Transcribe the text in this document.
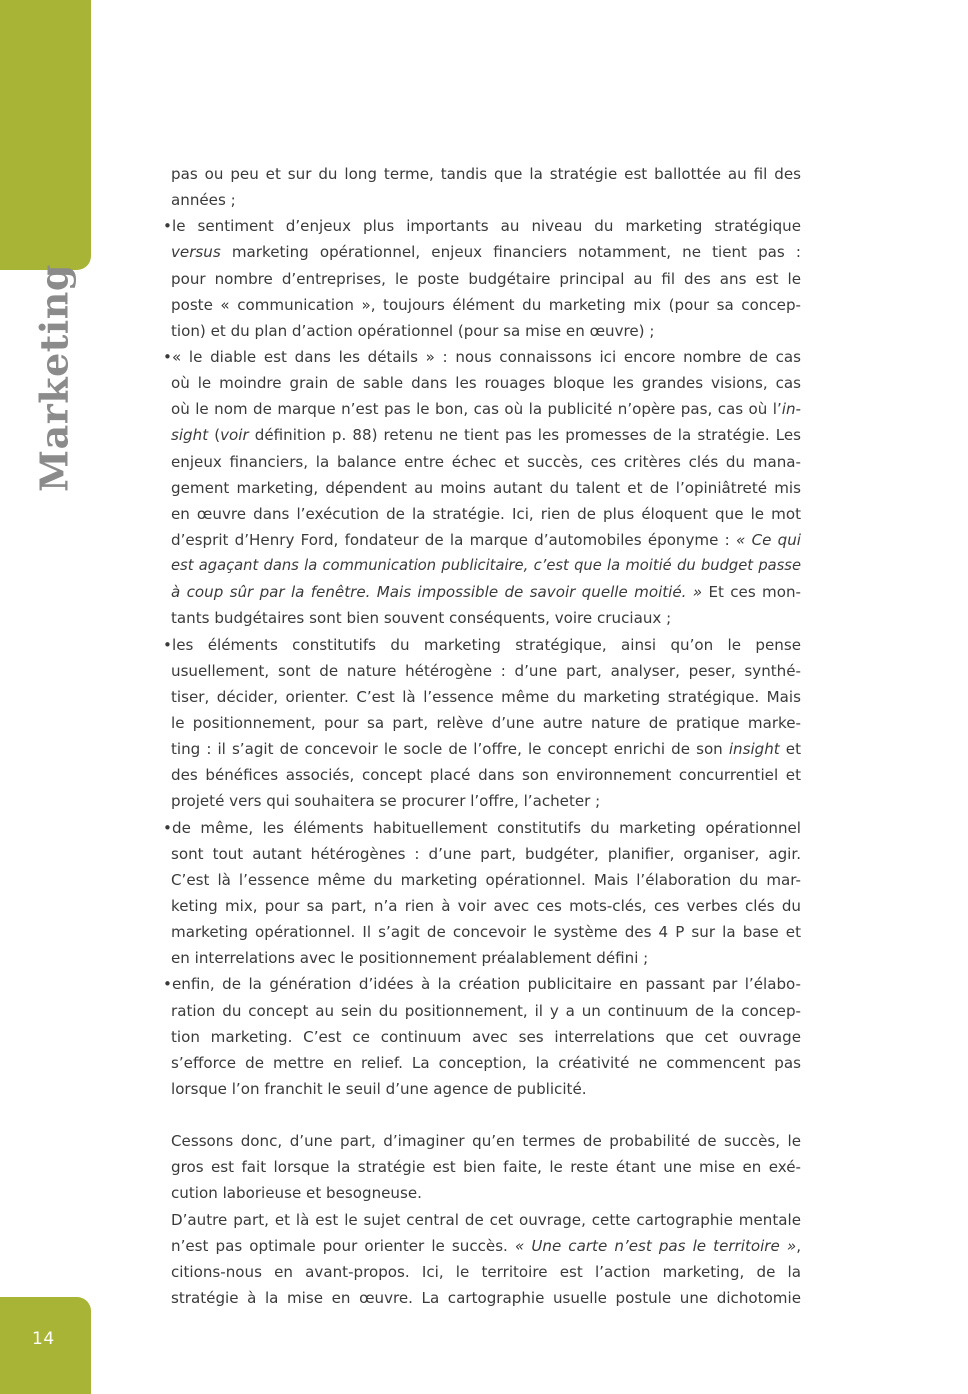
Marketing
14
pas ou peu et sur du long terme, tandis que la stratégie est ballottée au fil des
années ;
•le sentiment d’enjeux plus importants au niveau du marketing stratégique
versus marketing opérationnel, enjeux financiers notamment, ne tient pas :
pour nombre d’entreprises, le poste budgétaire principal au fil des ans est le
poste « communication », toujours élément du marketing mix (pour sa concep-
tion) et du plan d’action opérationnel (pour sa mise en œuvre) ;
•« le diable est dans les détails » : nous connaissons ici encore nombre de cas
où le moindre grain de sable dans les rouages bloque les grandes visions, cas
où le nom de marque n’est pas le bon, cas où la publicité n’opère pas, cas où l’in-
sight (voir définition p. 88) retenu ne tient pas les promesses de la stratégie. Les
enjeux financiers, la balance entre échec et succès, ces critères clés du mana-
gement marketing, dépendent au moins autant du talent et de l’opiniâtreté mis
en œuvre dans l’exécution de la stratégie. Ici, rien de plus éloquent que le mot
d’esprit d’Henry Ford, fondateur de la marque d’automobiles éponyme : « Ce qui
est agaçant dans la communication publicitaire, c’est que la moitié du budget passe
à coup sûr par la fenêtre. Mais impossible de savoir quelle moitié. » Et ces mon-
tants budgétaires sont bien souvent conséquents, voire cruciaux ;
•les éléments constitutifs du marketing stratégique, ainsi qu’on le pense
usuellement, sont de nature hétérogène : d’une part, analyser, peser, synthé-
tiser, décider, orienter. C’est là l’essence même du marketing stratégique. Mais
le positionnement, pour sa part, relève d’une autre nature de pratique marke-
ting : il s’agit de concevoir le socle de l’offre, le concept enrichi de son insight et
des bénéfices associés, concept placé dans son environnement concurrentiel et
projeté vers qui souhaitera se procurer l’offre, l’acheter ;
•de même, les éléments habituellement constitutifs du marketing opérationnel
sont tout autant hétérogènes : d’une part, budgéter, planifier, organiser, agir.
C’est là l’essence même du marketing opérationnel. Mais l’élaboration du mar-
keting mix, pour sa part, n’a rien à voir avec ces mots-clés, ces verbes clés du
marketing opérationnel. Il s’agit de concevoir le système des 4 P sur la base et
en interrelations avec le positionnement préalablement défini ;
•enfin, de la génération d’idées à la création publicitaire en passant par l’élabo-
ration du concept au sein du positionnement, il y a un continuum de la concep-
tion marketing. C’est ce continuum avec ses interrelations que cet ouvrage
s’efforce de mettre en relief. La conception, la créativité ne commencent pas
lorsque l’on franchit le seuil d’une agence de publicité.
Cessons donc, d’une part, d’imaginer qu’en termes de probabilité de succès, le
gros est fait lorsque la stratégie est bien faite, le reste étant une mise en exé-
cution laborieuse et besogneuse.
D’autre part, et là est le sujet central de cet ouvrage, cette cartographie mentale
n’est pas optimale pour orienter le succès. « Une carte n’est pas le territoire »,
citions-nous en avant-propos. Ici, le territoire est l’action marketing, de la
stratégie à la mise en œuvre. La cartographie usuelle postule une dichotomie
